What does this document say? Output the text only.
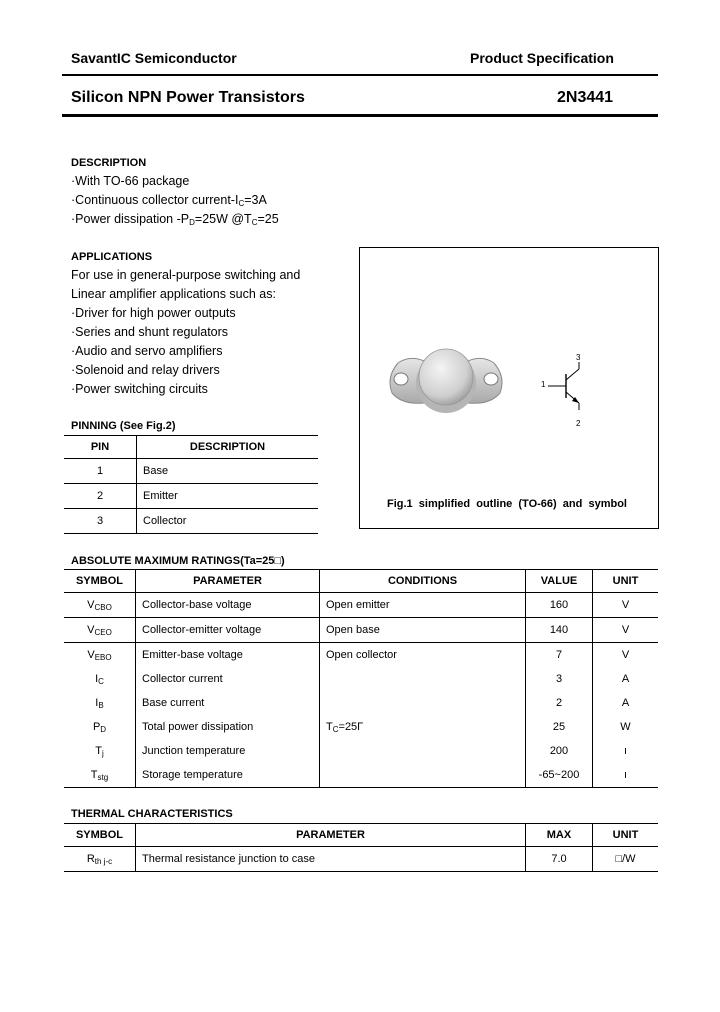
SavantIC Semiconductor	Product Specification
Silicon NPN Power Transistors	2N3441
DESCRIPTION
·With TO-66 package
·Continuous collector current-$I_C=3A$
·Power dissipation $-P_D=25W$ $@T_C=25$
APPLICATIONS
For use in general-purpose switching and
Linear amplifier applications such as:
·Driver for high power outputs
·Series and shunt regulators
·Audio and servo amplifiers
·Solenoid and relay drivers
·Power switching circuits	1
2
3
Fig.1  simplified  outline  (TO-66)  and  symbol
PINNING (See Fig.2)
PIN	DESCRIPTION
1	Base
2	Emitter
3	Collector
ABSOLUTE MAXIMUM RATINGS(Ta=25□)
SYMBOL	PARAMETER	CONDITIONS	VALUE	UNIT
$V_{CBO}$	Collector-base voltage	Open emitter	160	V
$V_{CEO}$	Collector-emitter voltage	Open base	140	V
$V_{EBO}$	Emitter-base voltage	Open collector	7	V
$I_C$	Collector current		3	A
$I_B$	Base current		2	A
$P_D$	Total power dissipation	$T_C=25Г$	25	W
$T_j$	Junction temperature		200	ı
$T_{stg}$	Storage temperature		-65~200	ı
THERMAL CHARACTERISTICS
SYMBOL	PARAMETER	MAX	UNIT
$R_{th j-c}$	Thermal resistance junction to case	7.0	□/W
